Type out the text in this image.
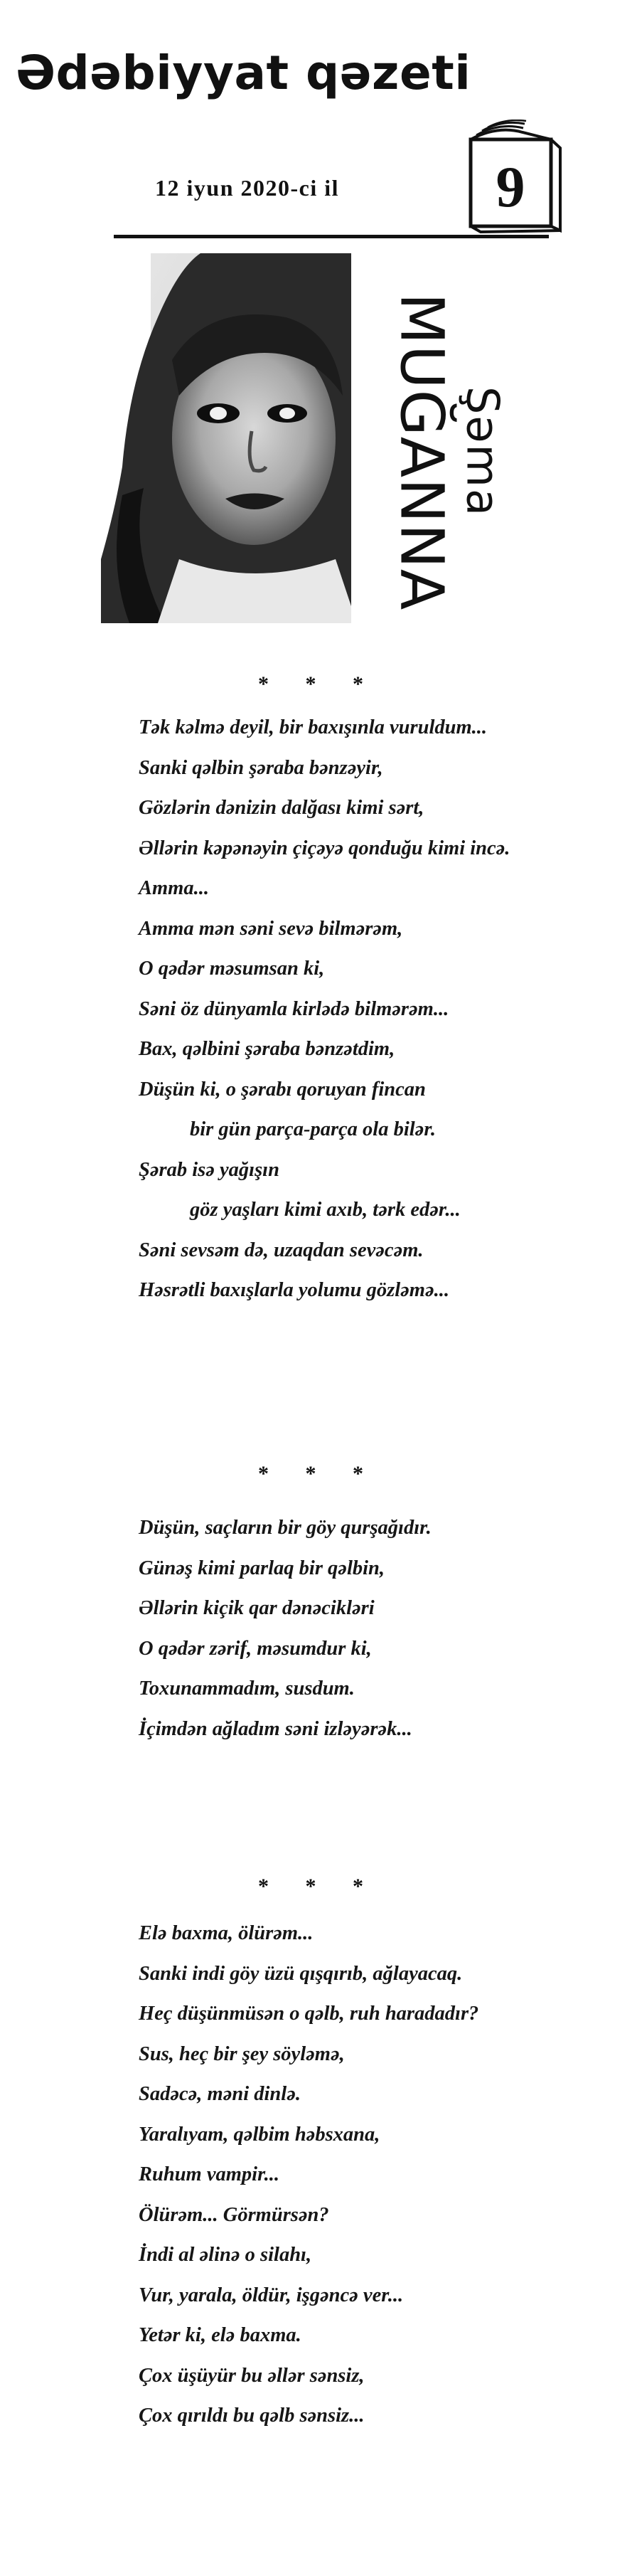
Ədəbiyyat qəzeti
12 iyun 2020-ci il	9
Şəma
MUĞANNA
* * *
Tək kəlmə deyil, bir baxışınla vuruldum...
Sanki qəlbin şəraba bənzəyir,
Gözlərin dənizin dalğası kimi sərt,
Əllərin kəpənəyin çiçəyə qonduğu kimi incə.
Amma...
Amma mən səni sevə bilmərəm,
O qədər məsumsan ki,
Səni öz dünyamla kirlədə bilmərəm...
Bax, qəlbini şəraba bənzətdim,
Düşün ki, o şərabı qoruyan fincan
bir gün parça-parça ola bilər.
Şərab isə yağışın
göz yaşları kimi axıb, tərk edər...
Səni sevsəm də, uzaqdan sevəcəm.
Həsrətli baxışlarla yolumu gözləmə...
* * *
Düşün, saçların bir göy qurşağıdır.
Günəş kimi parlaq bir qəlbin,
Əllərin kiçik qar dənəcikləri
O qədər zərif, məsumdur ki,
Toxunammadım, susdum.
İçimdən ağladım səni izləyərək...
* * *
Elə baxma, ölürəm...
Sanki indi göy üzü qışqırıb, ağlayacaq.
Heç düşünmüsən o qəlb, ruh haradadır?
Sus, heç bir şey söyləmə,
Sadəcə, məni dinlə.
Yaralıyam, qəlbim həbsxana,
Ruhum vampir...
Ölürəm... Görmürsən?
İndi al əlinə o silahı,
Vur, yarala, öldür, işgəncə ver...
Yetər ki, elə baxma.
Çox üşüyür bu əllər sənsiz,
Çox qırıldı bu qəlb sənsiz...
